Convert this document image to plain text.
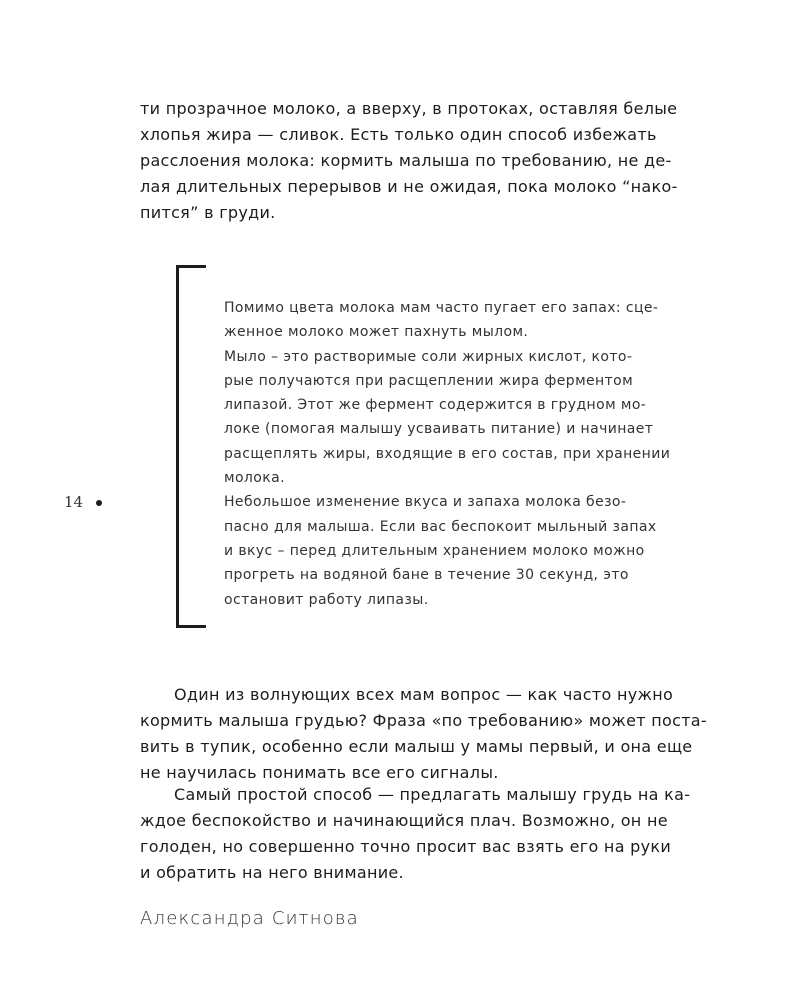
ти прозрачное молоко, а вверху, в протоках, оставляя белые
хлопья жира — сливок. Есть только один способ избежать
расслоения молока: кормить малыша по требованию, не де-
лая длительных перерывов и не ожидая, пока молоко “нако-
пится” в груди.

Помимо цвета молока мам часто пугает его запах: сце-
женное молоко может пахнуть мылом.
Мыло – это растворимые соли жирных кислот, кото-
рые получаются при расщеплении жира ферментом
липазой. Этот же фермент содержится в грудном мо-
локе (помогая малышу усваивать питание) и начинает
расщеплять жиры, входящие в его состав, при хранении
молока.
Небольшое изменение вкуса и запаха молока безо-
пасно для малыша. Если вас беспокоит мыльный запах
и вкус – перед длительным хранением молоко можно
прогреть на водяной бане в течение 30 секунд, это
остановит работу липазы.

14

Один из волнующих всех мам вопрос — как часто нужно
кормить малыша грудью? Фраза «по требованию» может поста-
вить в тупик, особенно если малыш у мамы первый, и она еще
не научилась понимать все его сигналы.

Самый простой способ — предлагать малышу грудь на ка-
ждое беспокойство и начинающийся плач. Возможно, он не
голоден, но совершенно точно просит вас взять его на руки
и обратить на него внимание.

Александра Ситнова
